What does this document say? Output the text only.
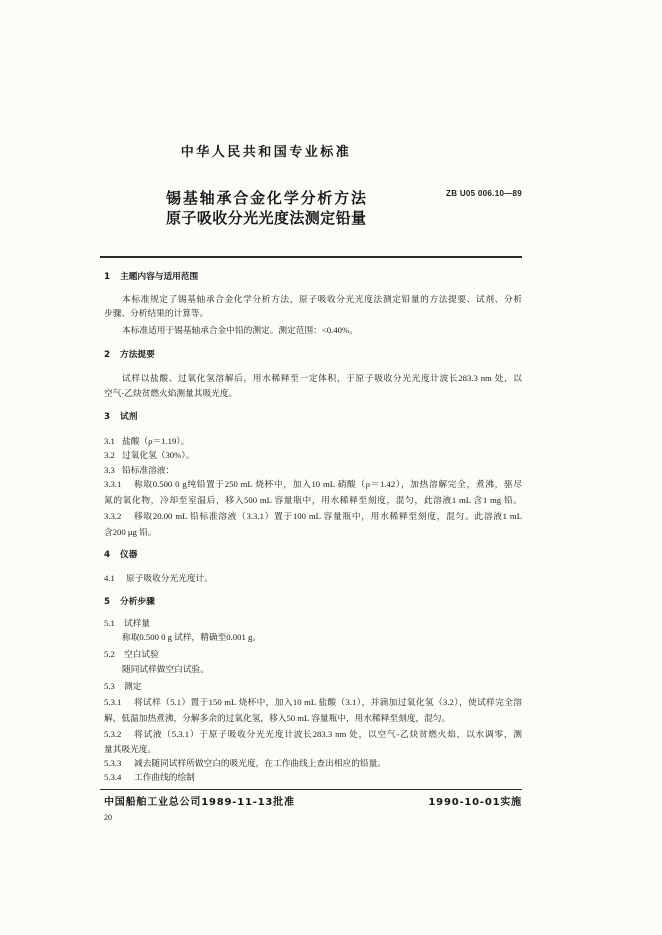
中华人民共和国专业标准
锡基轴承合金化学分析方法
原子吸收分光光度法测定铅量
ZB U05 006.10—89
1 主题内容与适用范围
本标准规定了锡基轴承合金化学分析方法，原子吸收分光光度法测定铅量的方法提要、试剂、分析
步骤、分析结果的计算等。
本标准适用于锡基轴承合金中铅的测定。测定范围：<0.40%。
2 方法提要
试样以盐酸、过氧化氢溶解后，用水稀释至一定体积，于原子吸收分光光度计波长283.3 nm 处，以
空气-乙炔贫燃火焰测量其吸光度。
3 试剂
3.1 盐酸（ρ＝1.19）。
3.2 过氧化氢（30%）。
3.3 铅标准溶液：
3.3.1 称取0.500 0 g纯铅置于250 mL 烧杯中，加入10 mL 硝酸（ρ＝1.42），加热溶解完全，煮沸，驱尽
氮的氧化物，冷却至室温后，移入500 mL 容量瓶中，用水稀释至刻度，混匀，此溶液1 mL 含1 mg 铅。
3.3.2 移取20.00 mL 铅标准溶液（3.3.1）置于100 mL 容量瓶中，用水稀释至刻度，混匀。此溶液1 mL
含200 μg 铅。
4 仪器
4.1 原子吸收分光光度计。
5 分析步骤
5.1 试样量
称取0.500 0 g 试样，精确至0.001 g。
5.2 空白试验
随同试样做空白试验。
5.3 测定
5.3.1 将试样（5.1）置于150 mL 烧杯中，加入10 mL 盐酸（3.1），并滴加过氧化氢（3.2），使试样完全溶
解，低温加热煮沸，分解多余的过氧化氢，移入50 mL 容量瓶中，用水稀释至刻度，混匀。
5.3.2 将试液（5.3.1）于原子吸收分光光度计波长283.3 nm 处，以空气-乙炔贫燃火焰，以水调零，测
量其吸光度。
5.3.3 减去随同试样所做空白的吸光度，在工作曲线上查出相应的铅量。
5.3.4 工作曲线的绘制
中国船舶工业总公司1989-11-13批准	1990-10-01实施
20
